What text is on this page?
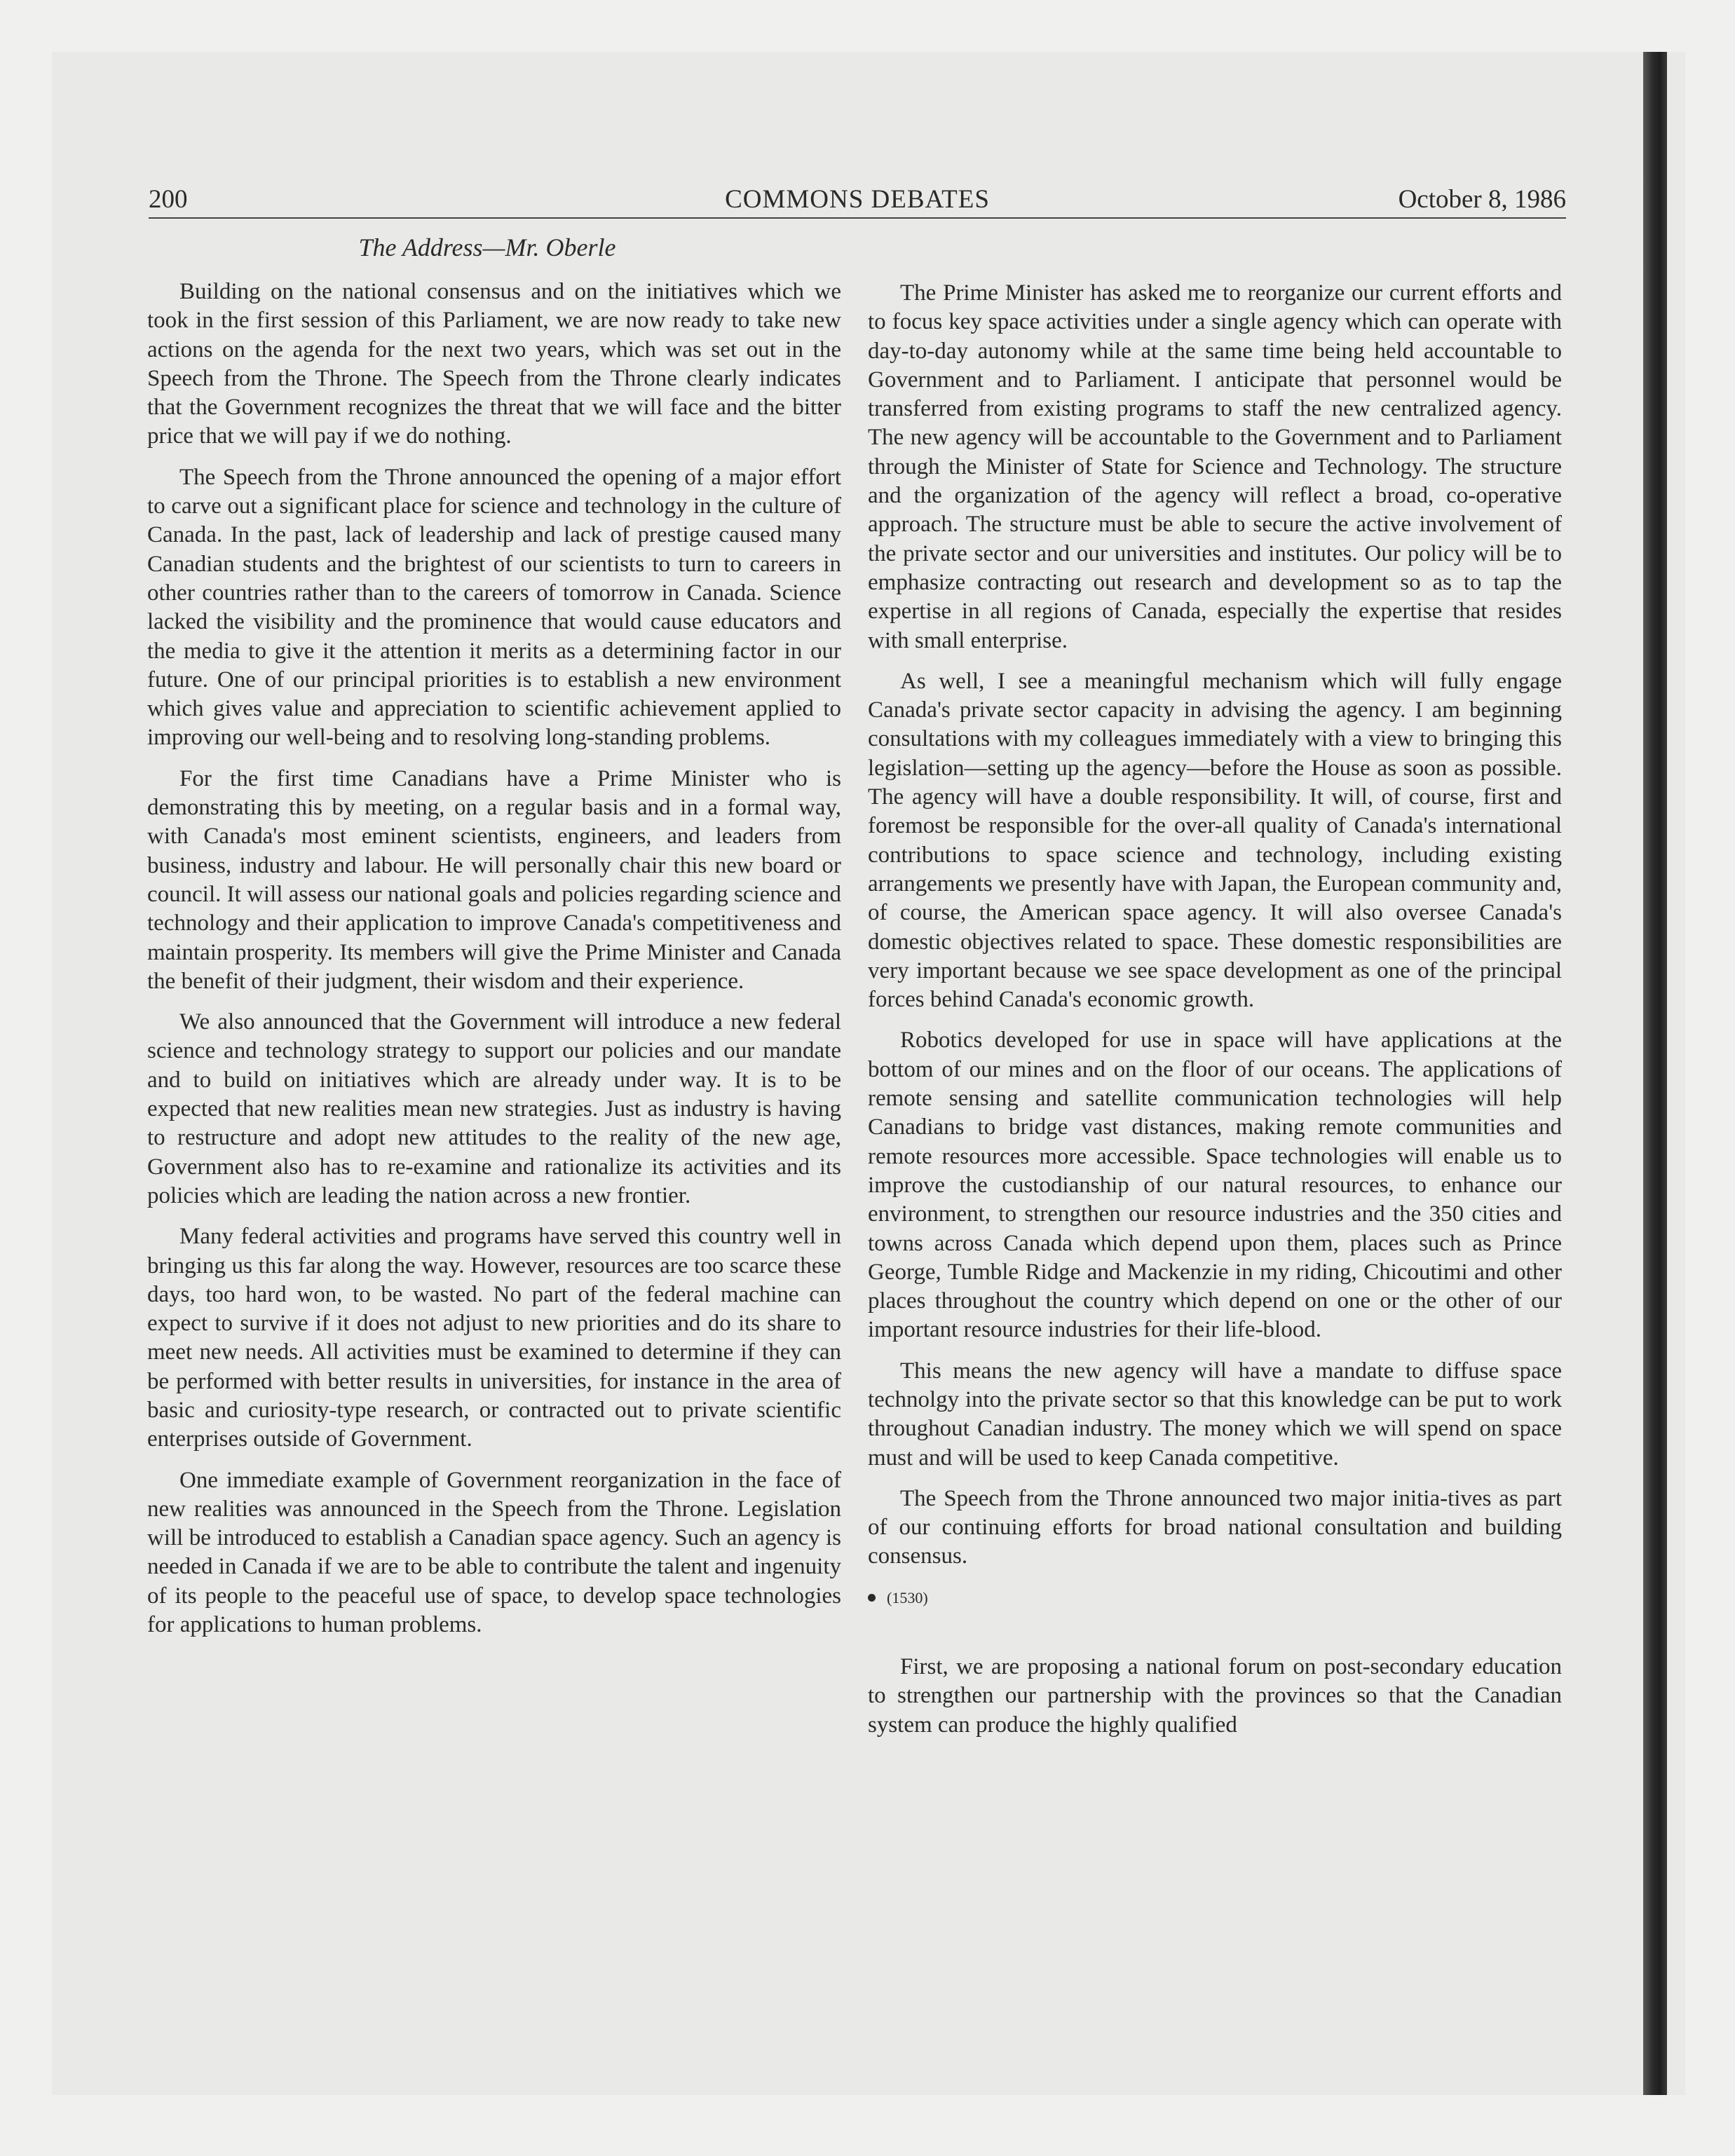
200	COMMONS DEBATES	October 8, 1986
The Address—Mr. Oberle

Building on the national consensus and on the initiatives which we took in the first session of this Parliament, we are now ready to take new actions on the agenda for the next two years, which was set out in the Speech from the Throne. The Speech from the Throne clearly indicates that the Government recognizes the threat that we will face and the bitter price that we will pay if we do nothing.

The Speech from the Throne announced the opening of a major effort to carve out a significant place for science and technology in the culture of Canada. In the past, lack of leadership and lack of prestige caused many Canadian students and the brightest of our scientists to turn to careers in other countries rather than to the careers of tomorrow in Canada. Science lacked the visibility and the prominence that would cause educators and the media to give it the attention it merits as a determining factor in our future. One of our principal priorities is to establish a new environment which gives value and appreciation to scientific achievement applied to improving our well-being and to resolving long-standing problems.

For the first time Canadians have a Prime Minister who is demonstrating this by meeting, on a regular basis and in a formal way, with Canada's most eminent scientists, engineers, and leaders from business, industry and labour. He will personally chair this new board or council. It will assess our national goals and policies regarding science and technology and their application to improve Canada's competitiveness and maintain prosperity. Its members will give the Prime Minister and Canada the benefit of their judgment, their wisdom and their experience.

We also announced that the Government will introduce a new federal science and technology strategy to support our policies and our mandate and to build on initiatives which are already under way. It is to be expected that new realities mean new strategies. Just as industry is having to restructure and adopt new attitudes to the reality of the new age, Government also has to re-examine and rationalize its activities and its policies which are leading the nation across a new frontier.

Many federal activities and programs have served this country well in bringing us this far along the way. However, resources are too scarce these days, too hard won, to be wasted. No part of the federal machine can expect to survive if it does not adjust to new priorities and do its share to meet new needs. All activities must be examined to determine if they can be performed with better results in universities, for instance in the area of basic and curiosity-type research, or contracted out to private scientific enterprises outside of Government.

One immediate example of Government reorganization in the face of new realities was announced in the Speech from the Throne. Legislation will be introduced to establish a Canadian space agency. Such an agency is needed in Canada if we are to be able to contribute the talent and ingenuity of its people to the peaceful use of space, to develop space technologies for applications to human problems.

The Prime Minister has asked me to reorganize our current efforts and to focus key space activities under a single agency which can operate with day-to-day autonomy while at the same time being held accountable to Government and to Parliament. I anticipate that personnel would be transferred from existing programs to staff the new centralized agency. The new agency will be accountable to the Government and to Parliament through the Minister of State for Science and Technology. The structure and the organization of the agency will reflect a broad, co-operative approach. The structure must be able to secure the active involvement of the private sector and our universities and institutes. Our policy will be to emphasize contracting out research and development so as to tap the expertise in all regions of Canada, especially the expertise that resides with small enterprise.

As well, I see a meaningful mechanism which will fully engage Canada's private sector capacity in advising the agency. I am beginning consultations with my colleagues immediately with a view to bringing this legislation—setting up the agency—before the House as soon as possible. The agency will have a double responsibility. It will, of course, first and foremost be responsible for the over-all quality of Canada's international contributions to space science and technology, including existing arrangements we presently have with Japan, the European community and, of course, the American space agency. It will also oversee Canada's domestic objectives related to space. These domestic responsibilities are very important because we see space development as one of the principal forces behind Canada's economic growth.

Robotics developed for use in space will have applications at the bottom of our mines and on the floor of our oceans. The applications of remote sensing and satellite communication technologies will help Canadians to bridge vast distances, making remote communities and remote resources more accessible. Space technologies will enable us to improve the custodianship of our natural resources, to enhance our environment, to strengthen our resource industries and the 350 cities and towns across Canada which depend upon them, places such as Prince George, Tumble Ridge and Mackenzie in my riding, Chicoutimi and other places throughout the country which depend on one or the other of our important resource industries for their life-blood.

This means the new agency will have a mandate to diffuse space technolgy into the private sector so that this knowledge can be put to work throughout Canadian industry. The money which we will spend on space must and will be used to keep Canada competitive.

The Speech from the Throne announced two major initia-tives as part of our continuing efforts for broad national consultation and building consensus.

(1530)

First, we are proposing a national forum on post-secondary education to strengthen our partnership with the provinces so that the Canadian system can produce the highly qualified
